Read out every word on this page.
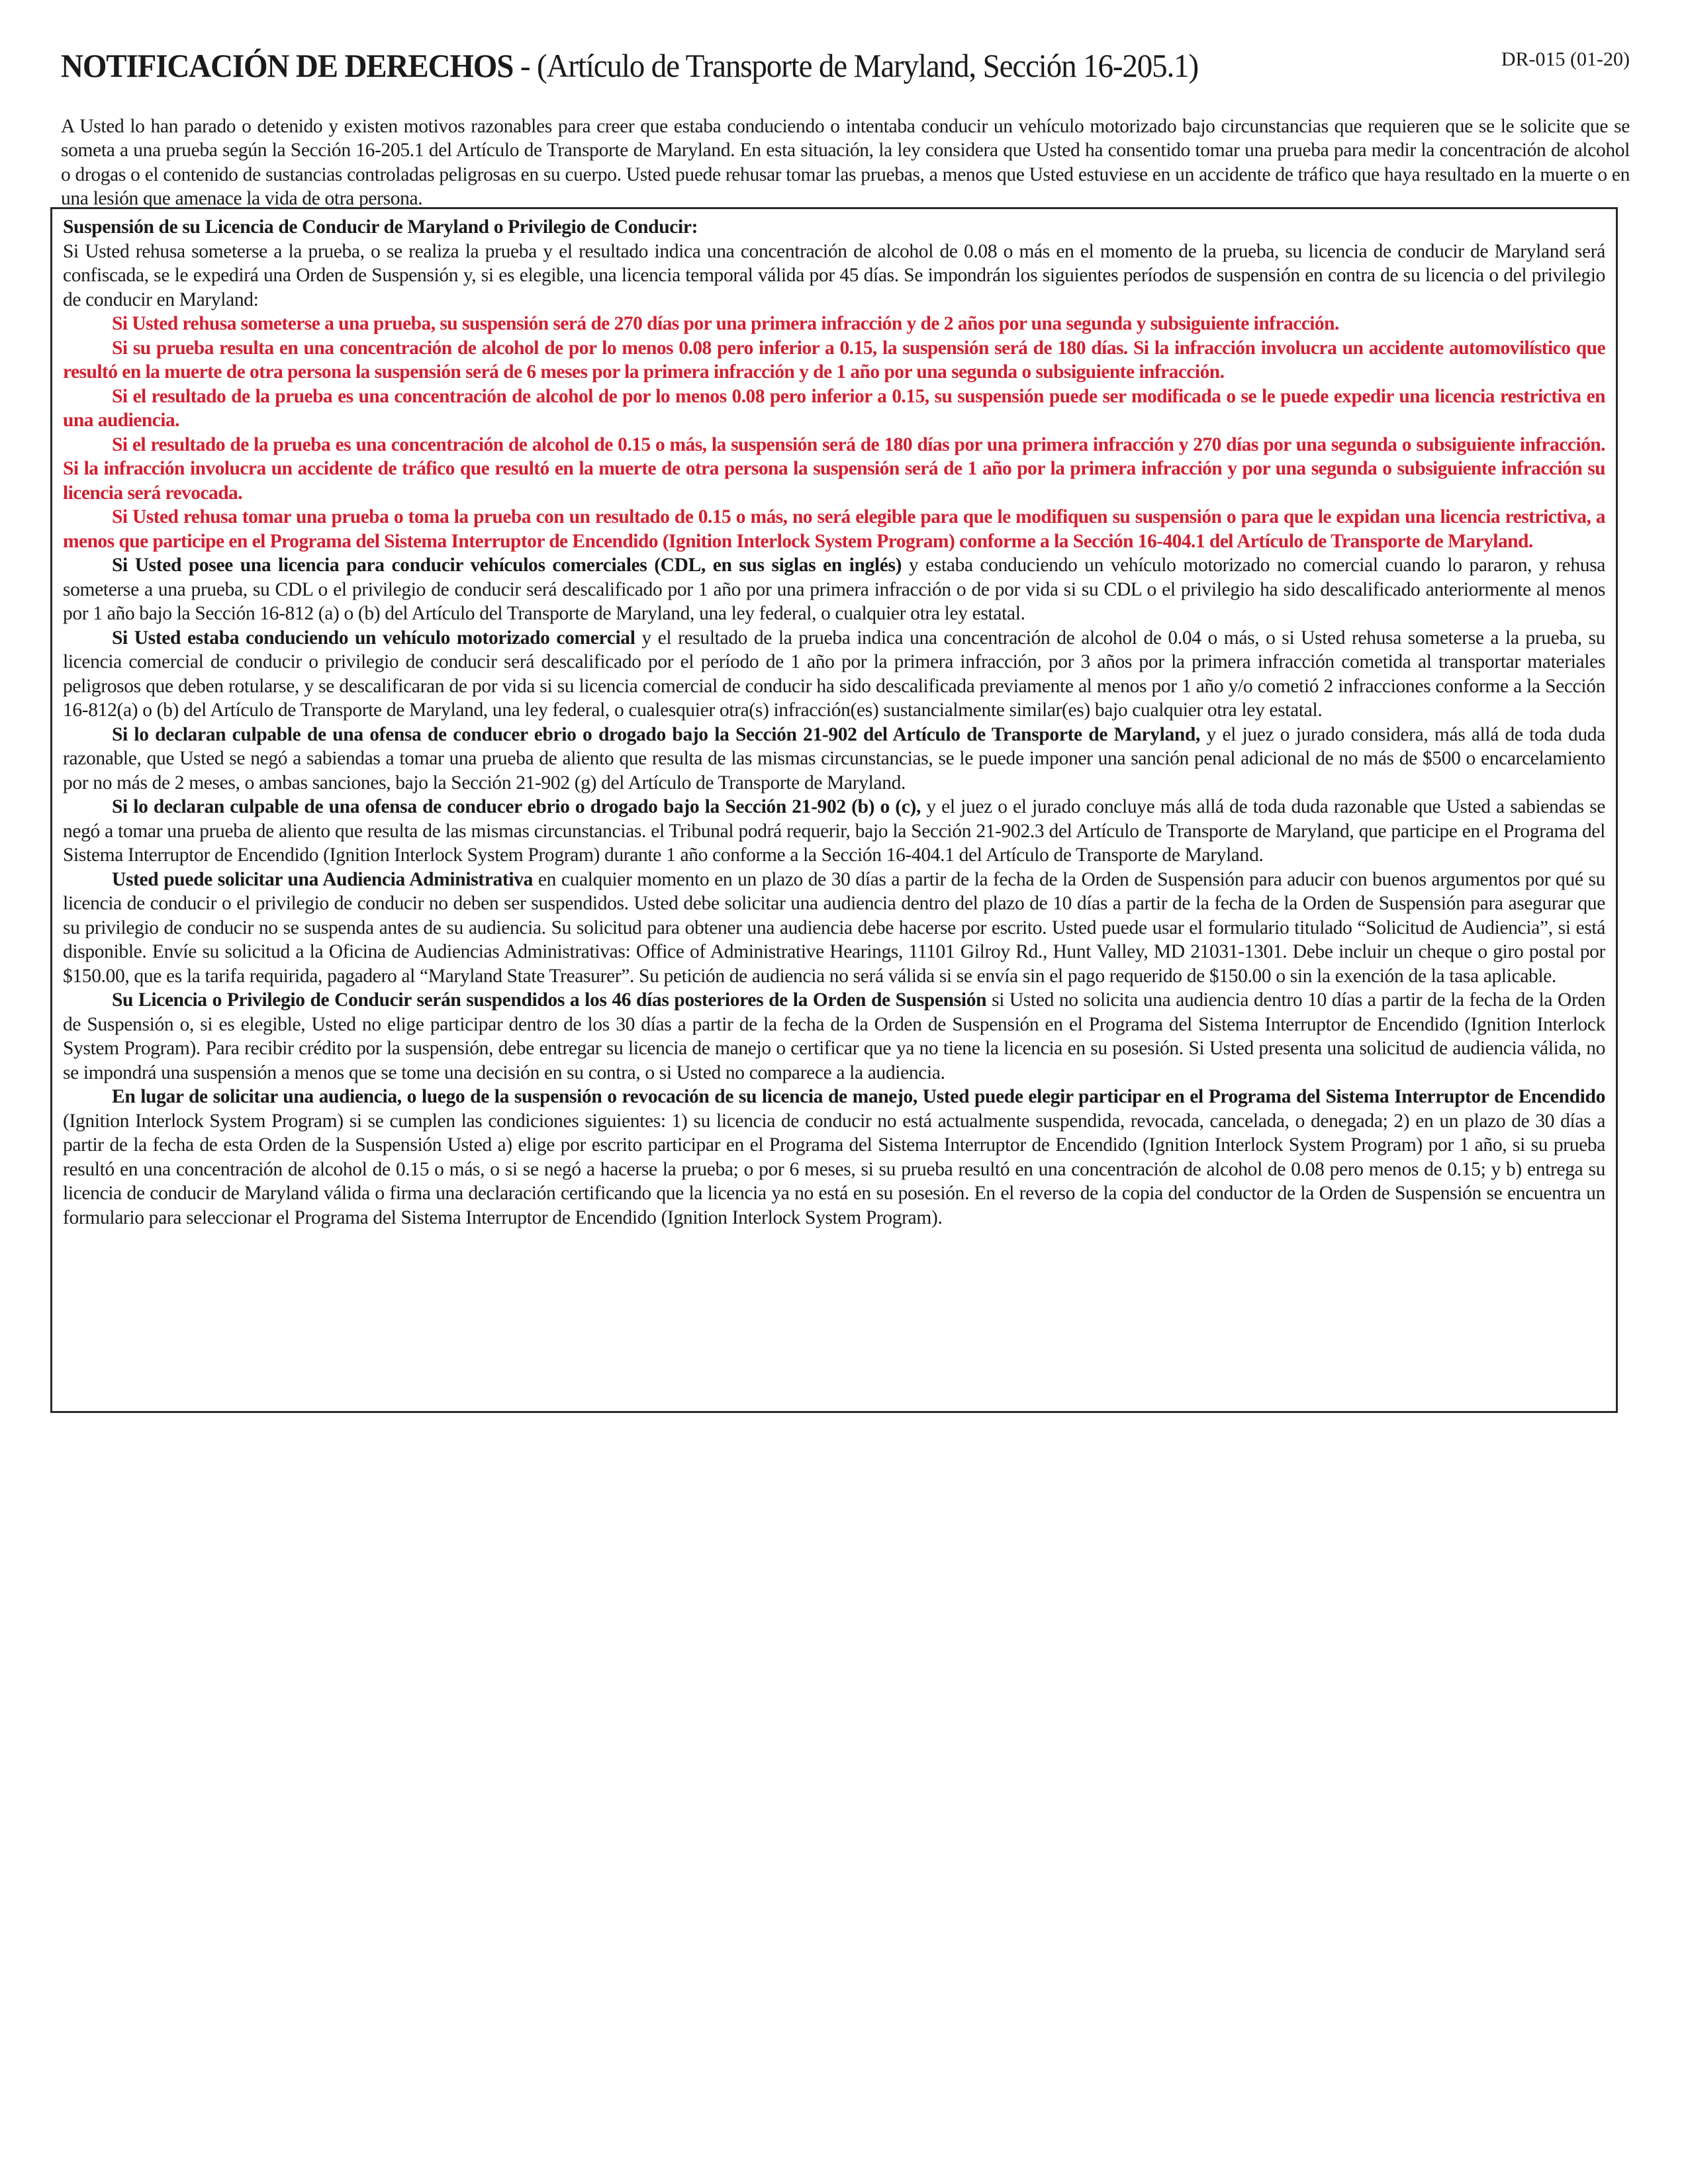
NOTIFICACIÓN DE DERECHOS - (Artículo de Transporte de Maryland, Sección 16-205.1)	DR-015 (01-20)

A Usted lo han parado o detenido y existen motivos razonables para creer que estaba conduciendo o intentaba conducir un vehículo motorizado bajo circunstancias que requieren que se le solicite que se someta a una prueba según la Sección 16-205.1 del Artículo de Transporte de Maryland. En esta situación, la ley considera que Usted ha consentido tomar una prueba para medir la concentración de alcohol o drogas o el contenido de sustancias controladas peligrosas en su cuerpo. Usted puede rehusar tomar las pruebas, a menos que Usted estuviese en un accidente de tráfico que haya resultado en la muerte o en una lesión que amenace la vida de otra persona.

Suspensión de su Licencia de Conducir de Maryland o Privilegio de Conducir:

Si Usted rehusa someterse a la prueba, o se realiza la prueba y el resultado indica una concentración de alcohol de 0.08 o más en el momento de la prueba, su licencia de conducir de Maryland será confiscada, se le expedirá una Orden de Suspensión y, si es elegible, una licencia temporal válida por 45 días. Se impondrán los siguientes períodos de suspensión en contra de su licencia o del privilegio de conducir en Maryland:

Si Usted rehusa someterse a una prueba, su suspensión será de 270 días por una primera infracción y de 2 años por una segunda y subsiguiente infracción.

Si su prueba resulta en una concentración de alcohol de por lo menos 0.08 pero inferior a 0.15, la suspensión será de 180 días. Si la infracción involucra un accidente automovilístico que resultó en la muerte de otra persona la suspensión será de 6 meses por la primera infracción y de 1 año por una segunda o subsiguiente infracción.

Si el resultado de la prueba es una concentración de alcohol de por lo menos 0.08 pero inferior a 0.15, su suspensión puede ser modificada o se le puede expedir una licencia restrictiva en una audiencia.

Si el resultado de la prueba es una concentración de alcohol de 0.15 o más, la suspensión será de 180 días por una primera infracción y 270 días por una segunda o subsiguiente infracción. Si la infracción involucra un accidente de tráfico que resultó en la muerte de otra persona la suspensión será de 1 año por la primera infracción y por una segunda o subsiguiente infracción su licencia será revocada.

Si Usted rehusa tomar una prueba o toma la prueba con un resultado de 0.15 o más, no será elegible para que le modifiquen su suspensión o para que le expidan una licencia restrictiva, a menos que participe en el Programa del Sistema Interruptor de Encendido (Ignition Interlock System Program) conforme a la Sección 16-404.1 del Artículo de Transporte de Maryland.

Si Usted posee una licencia para conducir vehículos comerciales (CDL, en sus siglas en inglés) y estaba conduciendo un vehículo motorizado no comercial cuando lo pararon, y rehusa someterse a una prueba, su CDL o el privilegio de conducir será descalificado por 1 año por una primera infracción o de por vida si su CDL o el privilegio ha sido descalificado anteriormente al menos por 1 año bajo la Sección 16-812 (a) o (b) del Artículo del Transporte de Maryland, una ley federal, o cualquier otra ley estatal.

Si Usted estaba conduciendo un vehículo motorizado comercial y el resultado de la prueba indica una concentración de alcohol de 0.04 o más, o si Usted rehusa someterse a la prueba, su licencia comercial de conducir o privilegio de conducir será descalificado por el período de 1 año por la primera infracción, por 3 años por la primera infracción cometida al transportar materiales peligrosos que deben rotularse, y se descalificaran de por vida si su licencia comercial de conducir ha sido descalificada previamente al menos por 1 año y/o cometió 2 infracciones conforme a la Sección 16-812(a) o (b) del Artículo de Transporte de Maryland, una ley federal, o cualesquier otra(s) infracción(es) sustancialmente similar(es) bajo cualquier otra ley estatal.

Si lo declaran culpable de una ofensa de conducer ebrio o drogado bajo la Sección 21-902 del Artículo de Transporte de Maryland, y el juez o jurado considera, más allá de toda duda razonable, que Usted se negó a sabiendas a tomar una prueba de aliento que resulta de las mismas circunstancias, se le puede imponer una sanción penal adicional de no más de $500 o encarcelamiento por no más de 2 meses, o ambas sanciones, bajo la Sección 21-902 (g) del Artículo de Transporte de Maryland.

Si lo declaran culpable de una ofensa de conducer ebrio o drogado bajo la Sección 21-902 (b) o (c), y el juez o el jurado concluye más allá de toda duda razonable que Usted a sabiendas se negó a tomar una prueba de aliento que resulta de las mismas circunstancias. el Tribunal podrá requerir, bajo la Sección 21-902.3 del Artículo de Transporte de Maryland, que participe en el Programa del Sistema Interruptor de Encendido (Ignition Interlock System Program) durante 1 año conforme a la Sección 16-404.1 del Artículo de Transporte de Maryland.

Usted puede solicitar una Audiencia Administrativa en cualquier momento en un plazo de 30 días a partir de la fecha de la Orden de Suspensión para aducir con buenos argumentos por qué su licencia de conducir o el privilegio de conducir no deben ser suspendidos. Usted debe solicitar una audiencia dentro del plazo de 10 días a partir de la fecha de la Orden de Suspensión para asegurar que su privilegio de conducir no se suspenda antes de su audiencia. Su solicitud para obtener una audiencia debe hacerse por escrito. Usted puede usar el formulario titulado “Solicitud de Audiencia”, si está disponible. Envíe su solicitud a la Oficina de Audiencias Administrativas: Office of Administrative Hearings, 11101 Gilroy Rd., Hunt Valley, MD 21031-1301. Debe incluir un cheque o giro postal por $150.00, que es la tarifa requirida, pagadero al “Maryland State Treasurer”. Su petición de audiencia no será válida si se envía sin el pago requerido de $150.00 o sin la exención de la tasa aplicable.

Su Licencia o Privilegio de Conducir serán suspendidos a los 46 días posteriores de la Orden de Suspensión si Usted no solicita una audiencia dentro 10 días a partir de la fecha de la Orden de Suspensión o, si es elegible, Usted no elige participar dentro de los 30 días a partir de la fecha de la Orden de Suspensión en el Programa del Sistema Interruptor de Encendido (Ignition Interlock System Program). Para recibir crédito por la suspensión, debe entregar su licencia de manejo o certificar que ya no tiene la licencia en su posesión. Si Usted presenta una solicitud de audiencia válida, no se impondrá una suspensión a menos que se tome una decisión en su contra, o si Usted no comparece a la audiencia.

En lugar de solicitar una audiencia, o luego de la suspensión o revocación de su licencia de manejo, Usted puede elegir participar en el Programa del Sistema Interruptor de Encendido (Ignition Interlock System Program) si se cumplen las condiciones siguientes: 1) su licencia de conducir no está actualmente suspendida, revocada, cancelada, o denegada; 2) en un plazo de 30 días a partir de la fecha de esta Orden de la Suspensión Usted a) elige por escrito participar en el Programa del Sistema Interruptor de Encendido (Ignition Interlock System Program) por 1 año, si su prueba resultó en una concentración de alcohol de 0.15 o más, o si se negó a hacerse la prueba; o por 6 meses, si su prueba resultó en una concentración de alcohol de 0.08 pero menos de 0.15; y b) entrega su licencia de conducir de Maryland válida o firma una declaración certificando que la licencia ya no está en su posesión. En el reverso de la copia del conductor de la Orden de Suspensión se encuentra un formulario para seleccionar el Programa del Sistema Interruptor de Encendido (Ignition Interlock System Program).
